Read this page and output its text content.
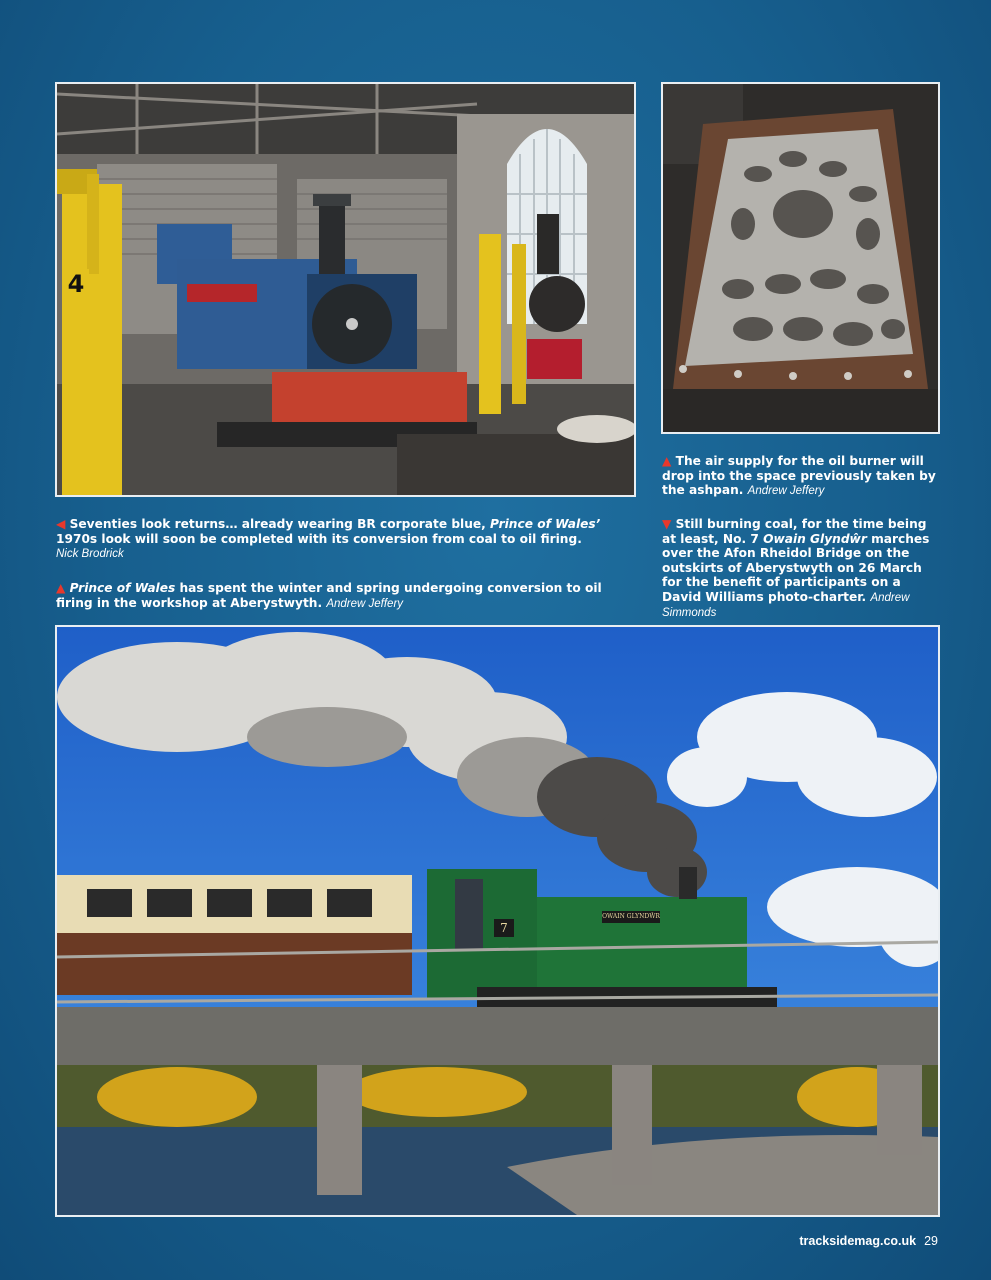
4
▲ The air supply for the oil burner will drop into the space previously taken by the ashpan. Andrew Jeffery
◀ Seventies look returns… already wearing BR corporate blue, Prince of Wales’ 1970s look will soon be completed with its conversion from coal to oil firing.
Nick Brodrick
▲ Prince of Wales has spent the winter and spring undergoing conversion to oil firing in the workshop at Aberystwyth. Andrew Jeffery
▼ Still burning coal, for the time being at least, No. 7 Owain Glyndŵr marches over the Afon Rheidol Bridge on the outskirts of Aberystwyth on 26 March for the benefit of participants on a David Williams photo-charter. Andrew Simmonds
7
OWAIN GLYNDŴR
tracksidemag.co.uk 29
